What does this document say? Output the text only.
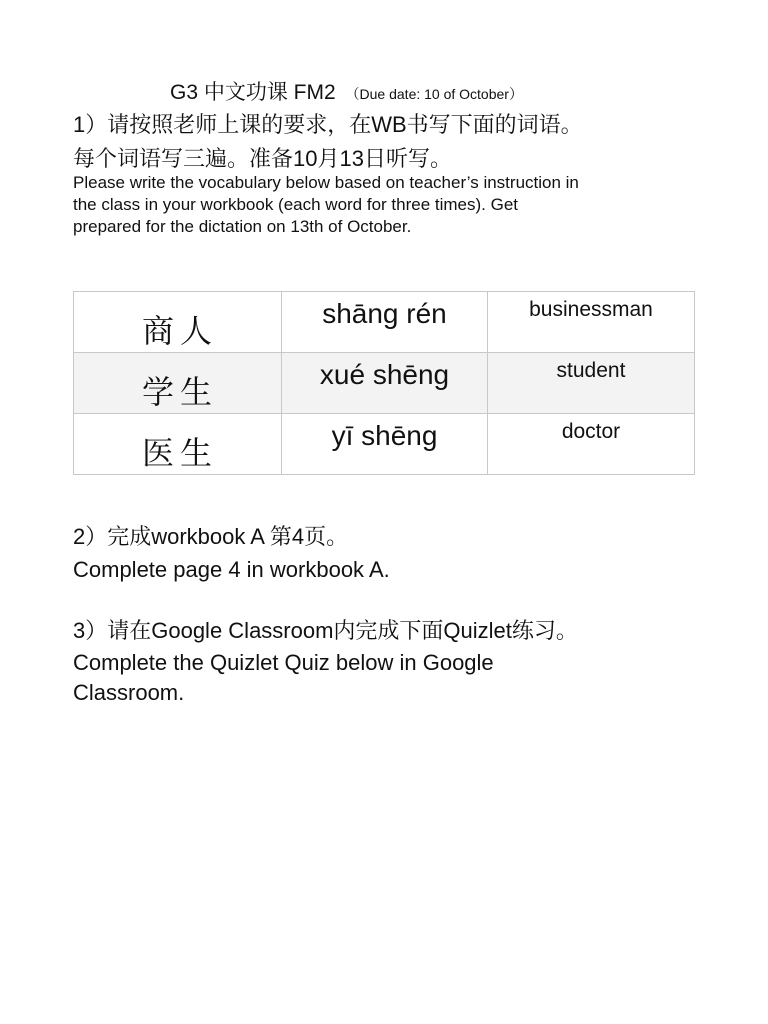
G3 中文功课 FM2 （Due date: 10 of October）
1）请按照老师上课的要求，在WB书写下面的词语。
每个词语写三遍。准备10月13日听写。
Please write the vocabulary below based on teacher’s instruction in
the class in your workbook (each word for three times). Get
prepared for the dictation on 13th of October.
商人	shāng rén	businessman

学生	xué shēng	student

医生	yī shēng	doctor
2）完成workbook A 第4页。
Complete page 4 in workbook A.
3）请在Google Classroom内完成下面Quizlet练习。
Complete the Quizlet Quiz below in Google
Classroom.
